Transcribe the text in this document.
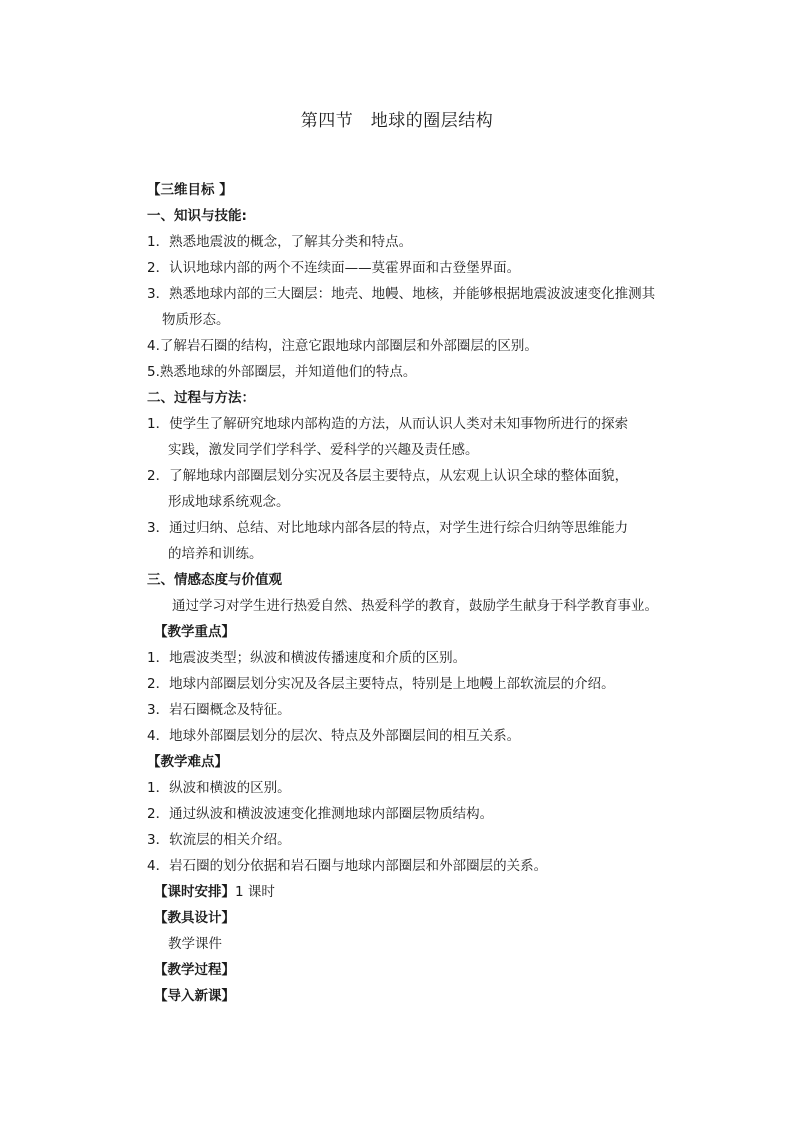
第四节　地球的圈层结构
【三维目标 】
一、知识与技能:
1．熟悉地震波的概念，了解其分类和特点。
2．认识地球内部的两个不连续面——莫霍界面和古登堡界面。
3．熟悉地球内部的三大圈层：地壳、地幔、地核，并能够根据地震波波速变化推测其
物质形态。
4.了解岩石圈的结构，注意它跟地球内部圈层和外部圈层的区别。
5.熟悉地球的外部圈层，并知道他们的特点。
二、过程与方法：
1．使学生了解研究地球内部构造的方法，从而认识人类对未知事物所进行的探索
实践，激发同学们学科学、爱科学的兴趣及责任感。
2．了解地球内部圈层划分实况及各层主要特点，从宏观上认识全球的整体面貌，
形成地球系统观念。
3．通过归纳、总结、对比地球内部各层的特点，对学生进行综合归纳等思维能力
的培养和训练。
三、情感态度与价值观
通过学习对学生进行热爱自然、热爱科学的教育，鼓励学生献身于科学教育事业。
【教学重点】
1．地震波类型；纵波和横波传播速度和介质的区别。
2．地球内部圈层划分实况及各层主要特点，特别是上地幔上部软流层的介绍。
3．岩石圈概念及特征。
4．地球外部圈层划分的层次、特点及外部圈层间的相互关系。
【教学难点】
1．纵波和横波的区别。
2．通过纵波和横波波速变化推测地球内部圈层物质结构。
3．软流层的相关介绍。
4．岩石圈的划分依据和岩石圈与地球内部圈层和外部圈层的关系。
【课时安排】1 课时
【教具设计】
教学课件
【教学过程】
【导入新课】
